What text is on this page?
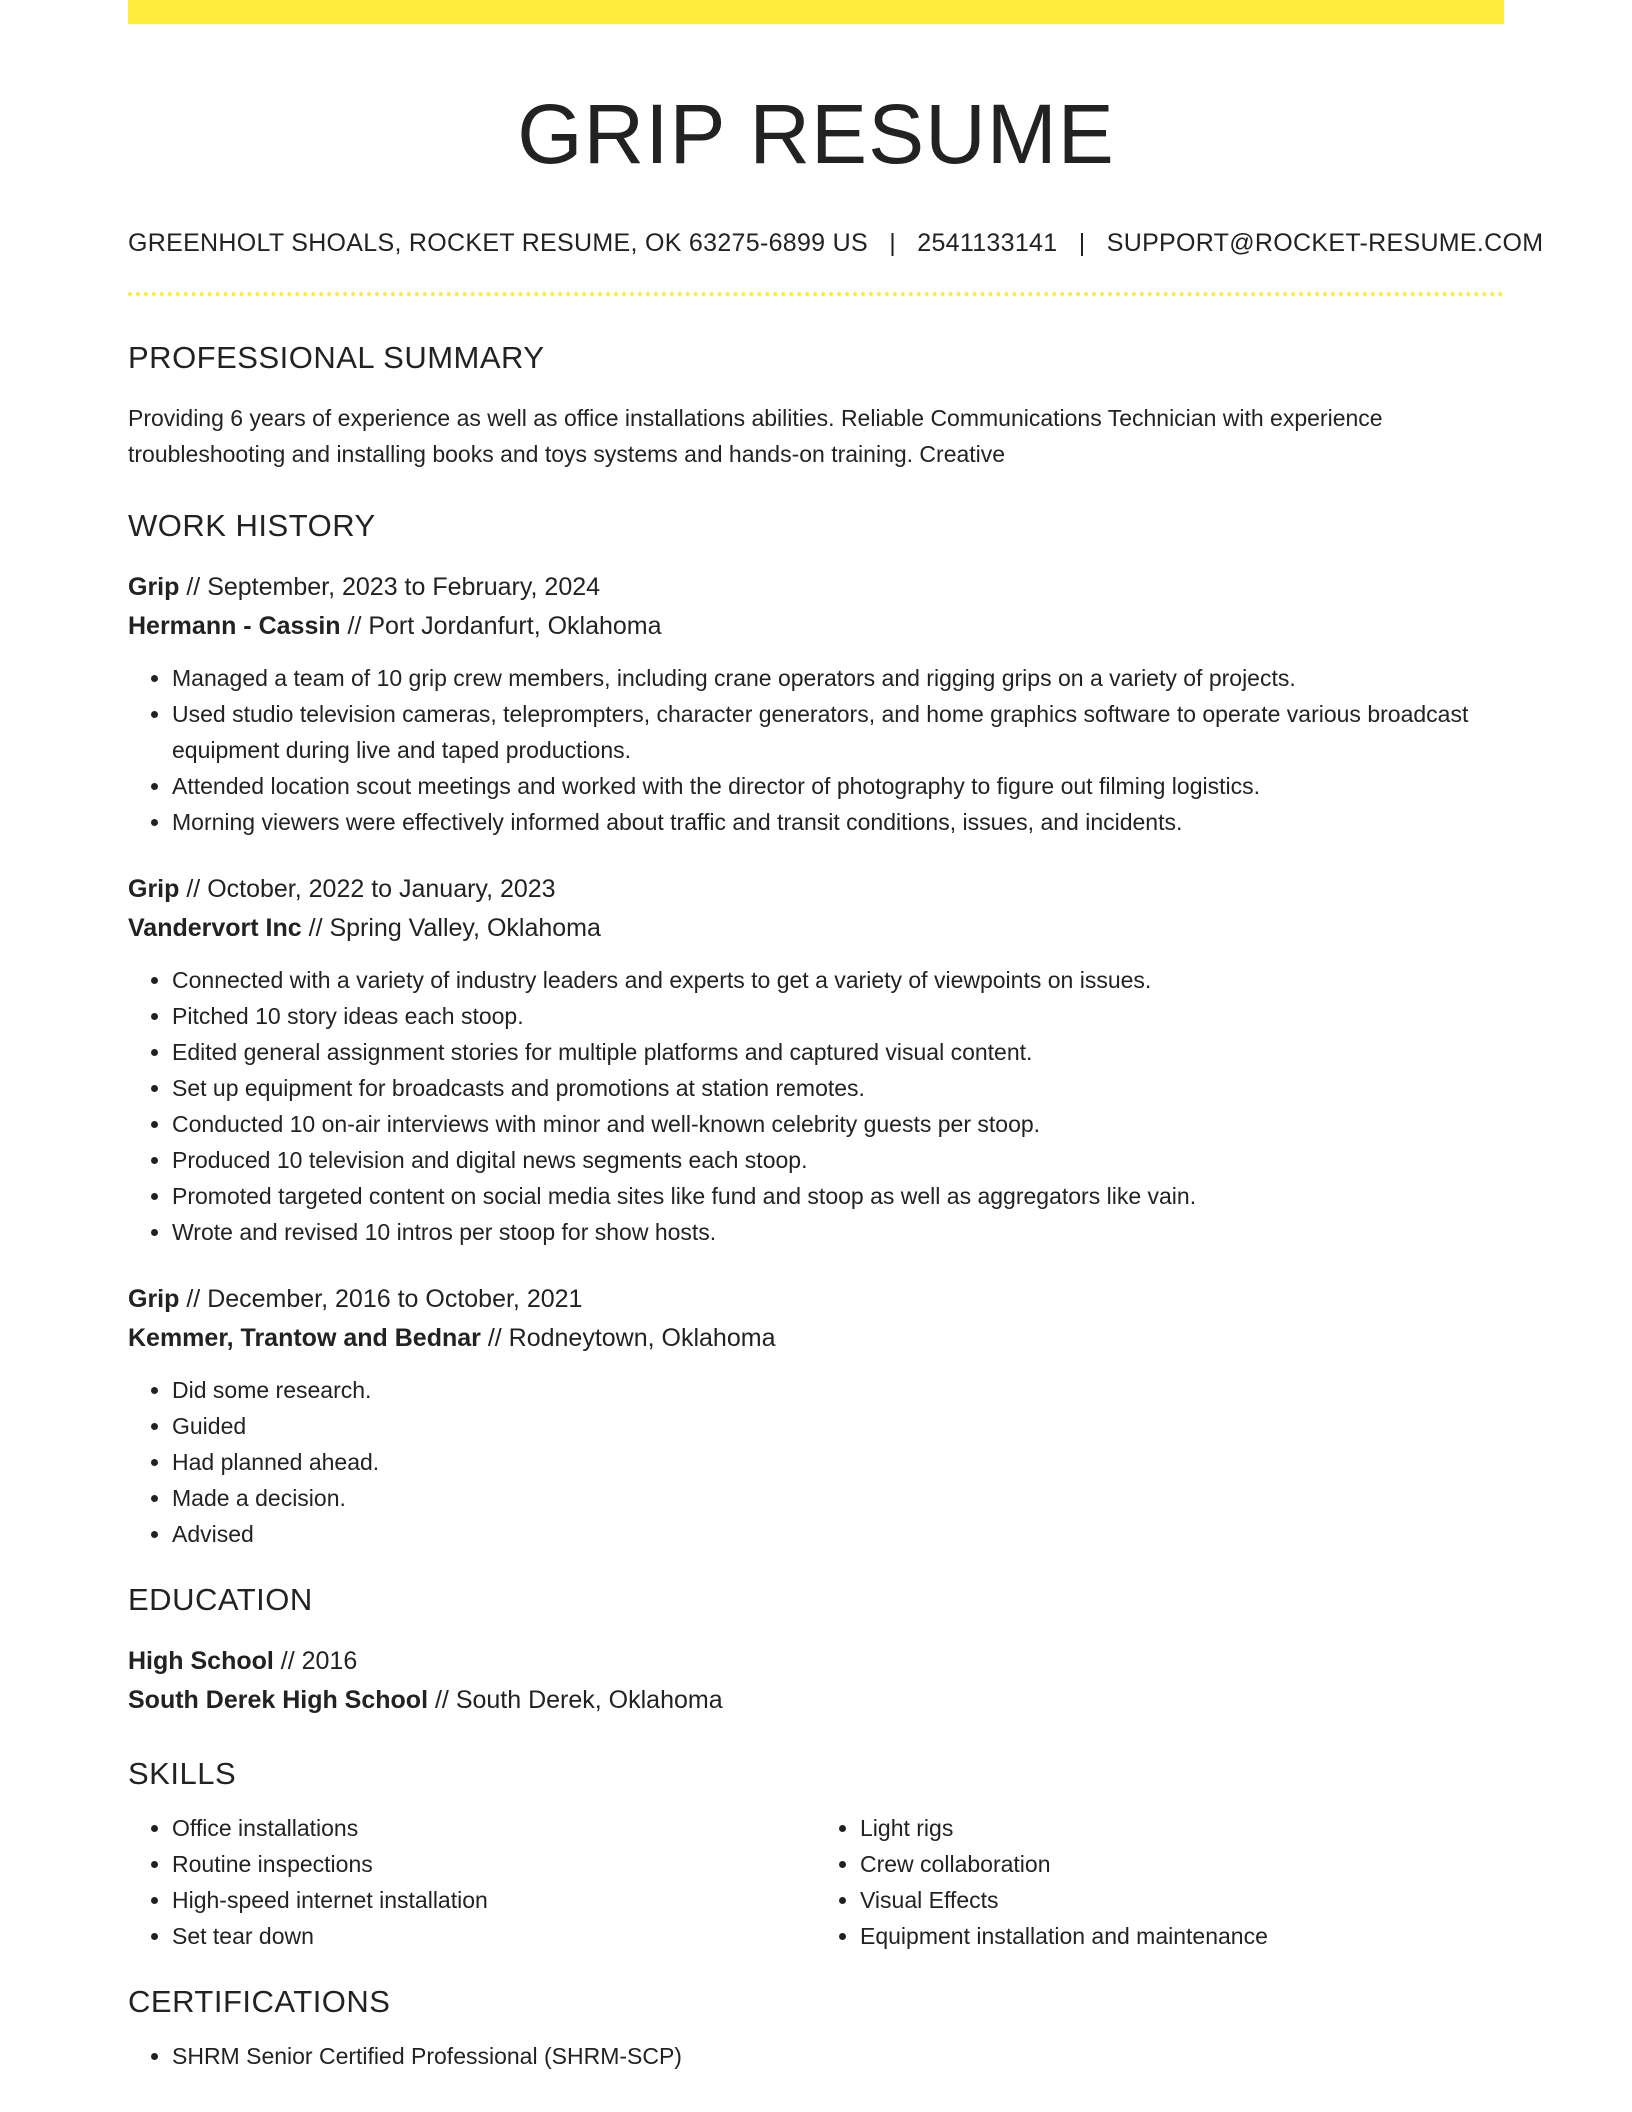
GRIP RESUME
GREENHOLT SHOALS, ROCKET RESUME, OK 63275-6899 US | 2541133141 | SUPPORT@ROCKET-RESUME.COM
PROFESSIONAL SUMMARY
Providing 6 years of experience as well as office installations abilities. Reliable Communications Technician with experience troubleshooting and installing books and toys systems and hands-on training. Creative
WORK HISTORY
Grip // September, 2023 to February, 2024
Hermann - Cassin // Port Jordanfurt, Oklahoma
• Managed a team of 10 grip crew members, including crane operators and rigging grips on a variety of projects.
• Used studio television cameras, teleprompters, character generators, and home graphics software to operate various broadcast equipment during live and taped productions.
• Attended location scout meetings and worked with the director of photography to figure out filming logistics.
• Morning viewers were effectively informed about traffic and transit conditions, issues, and incidents.
Grip // October, 2022 to January, 2023
Vandervort Inc // Spring Valley, Oklahoma
• Connected with a variety of industry leaders and experts to get a variety of viewpoints on issues.
• Pitched 10 story ideas each stoop.
• Edited general assignment stories for multiple platforms and captured visual content.
• Set up equipment for broadcasts and promotions at station remotes.
• Conducted 10 on-air interviews with minor and well-known celebrity guests per stoop.
• Produced 10 television and digital news segments each stoop.
• Promoted targeted content on social media sites like fund and stoop as well as aggregators like vain.
• Wrote and revised 10 intros per stoop for show hosts.
Grip // December, 2016 to October, 2021
Kemmer, Trantow and Bednar // Rodneytown, Oklahoma
• Did some research.
• Guided
• Had planned ahead.
• Made a decision.
• Advised
EDUCATION
High School // 2016
South Derek High School // South Derek, Oklahoma
SKILLS
• Office installations
• Routine inspections
• High-speed internet installation
• Set tear down
• Light rigs
• Crew collaboration
• Visual Effects
• Equipment installation and maintenance
CERTIFICATIONS
• SHRM Senior Certified Professional (SHRM-SCP)
